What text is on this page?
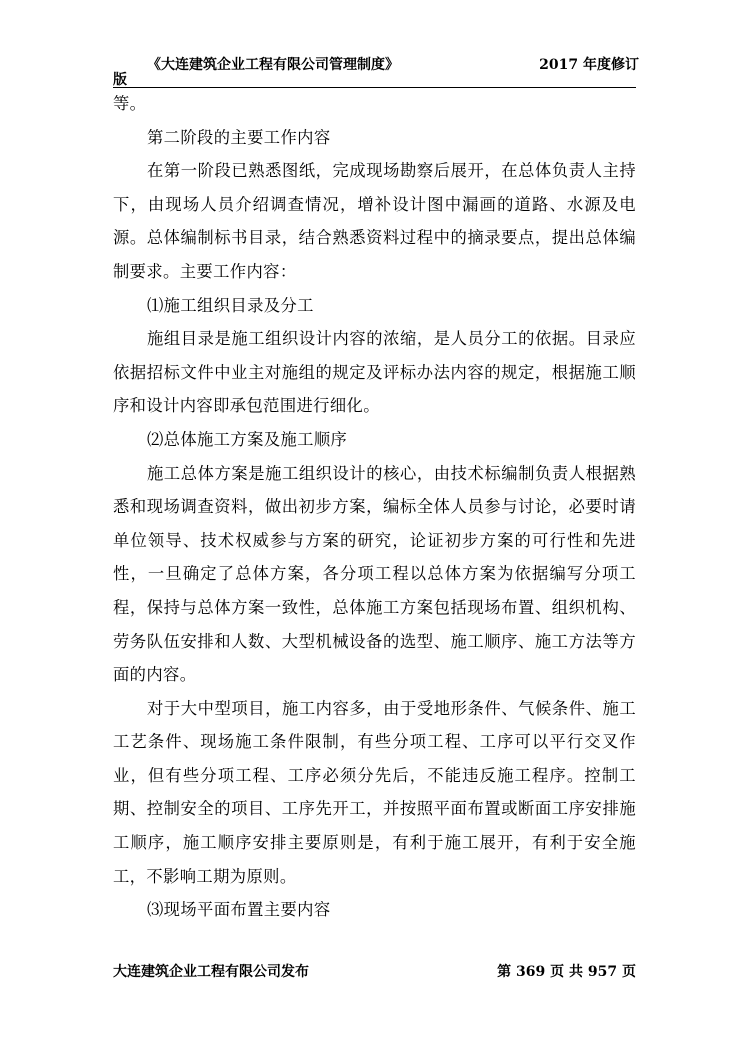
《大连建筑企业工程有限公司管理制度》	2017 年度修订
版

等。

第二阶段的主要工作内容

在第一阶段已熟悉图纸，完成现场勘察后展开，在总体负责人主持下，由现场人员介绍调查情况，增补设计图中漏画的道路、水源及电源。总体编制标书目录，结合熟悉资料过程中的摘录要点，提出总体编制要求。主要工作内容：

⑴施工组织目录及分工

施组目录是施工组织设计内容的浓缩，是人员分工的依据。目录应依据招标文件中业主对施组的规定及评标办法内容的规定，根据施工顺序和设计内容即承包范围进行细化。

⑵总体施工方案及施工顺序

施工总体方案是施工组织设计的核心，由技术标编制负责人根据熟悉和现场调查资料，做出初步方案，编标全体人员参与讨论，必要时请单位领导、技术权威参与方案的研究，论证初步方案的可行性和先进性，一旦确定了总体方案，各分项工程以总体方案为依据编写分项工程，保持与总体方案一致性，总体施工方案包括现场布置、组织机构、劳务队伍安排和人数、大型机械设备的选型、施工顺序、施工方法等方面的内容。

对于大中型项目，施工内容多，由于受地形条件、气候条件、施工工艺条件、现场施工条件限制，有些分项工程、工序可以平行交叉作业，但有些分项工程、工序必须分先后，不能违反施工程序。控制工期、控制安全的项目、工序先开工，并按照平面布置或断面工序安排施工顺序，施工顺序安排主要原则是，有利于施工展开，有利于安全施工，不影响工期为原则。

⑶现场平面布置主要内容

大连建筑企业工程有限公司发布	第 369 页 共 957 页
